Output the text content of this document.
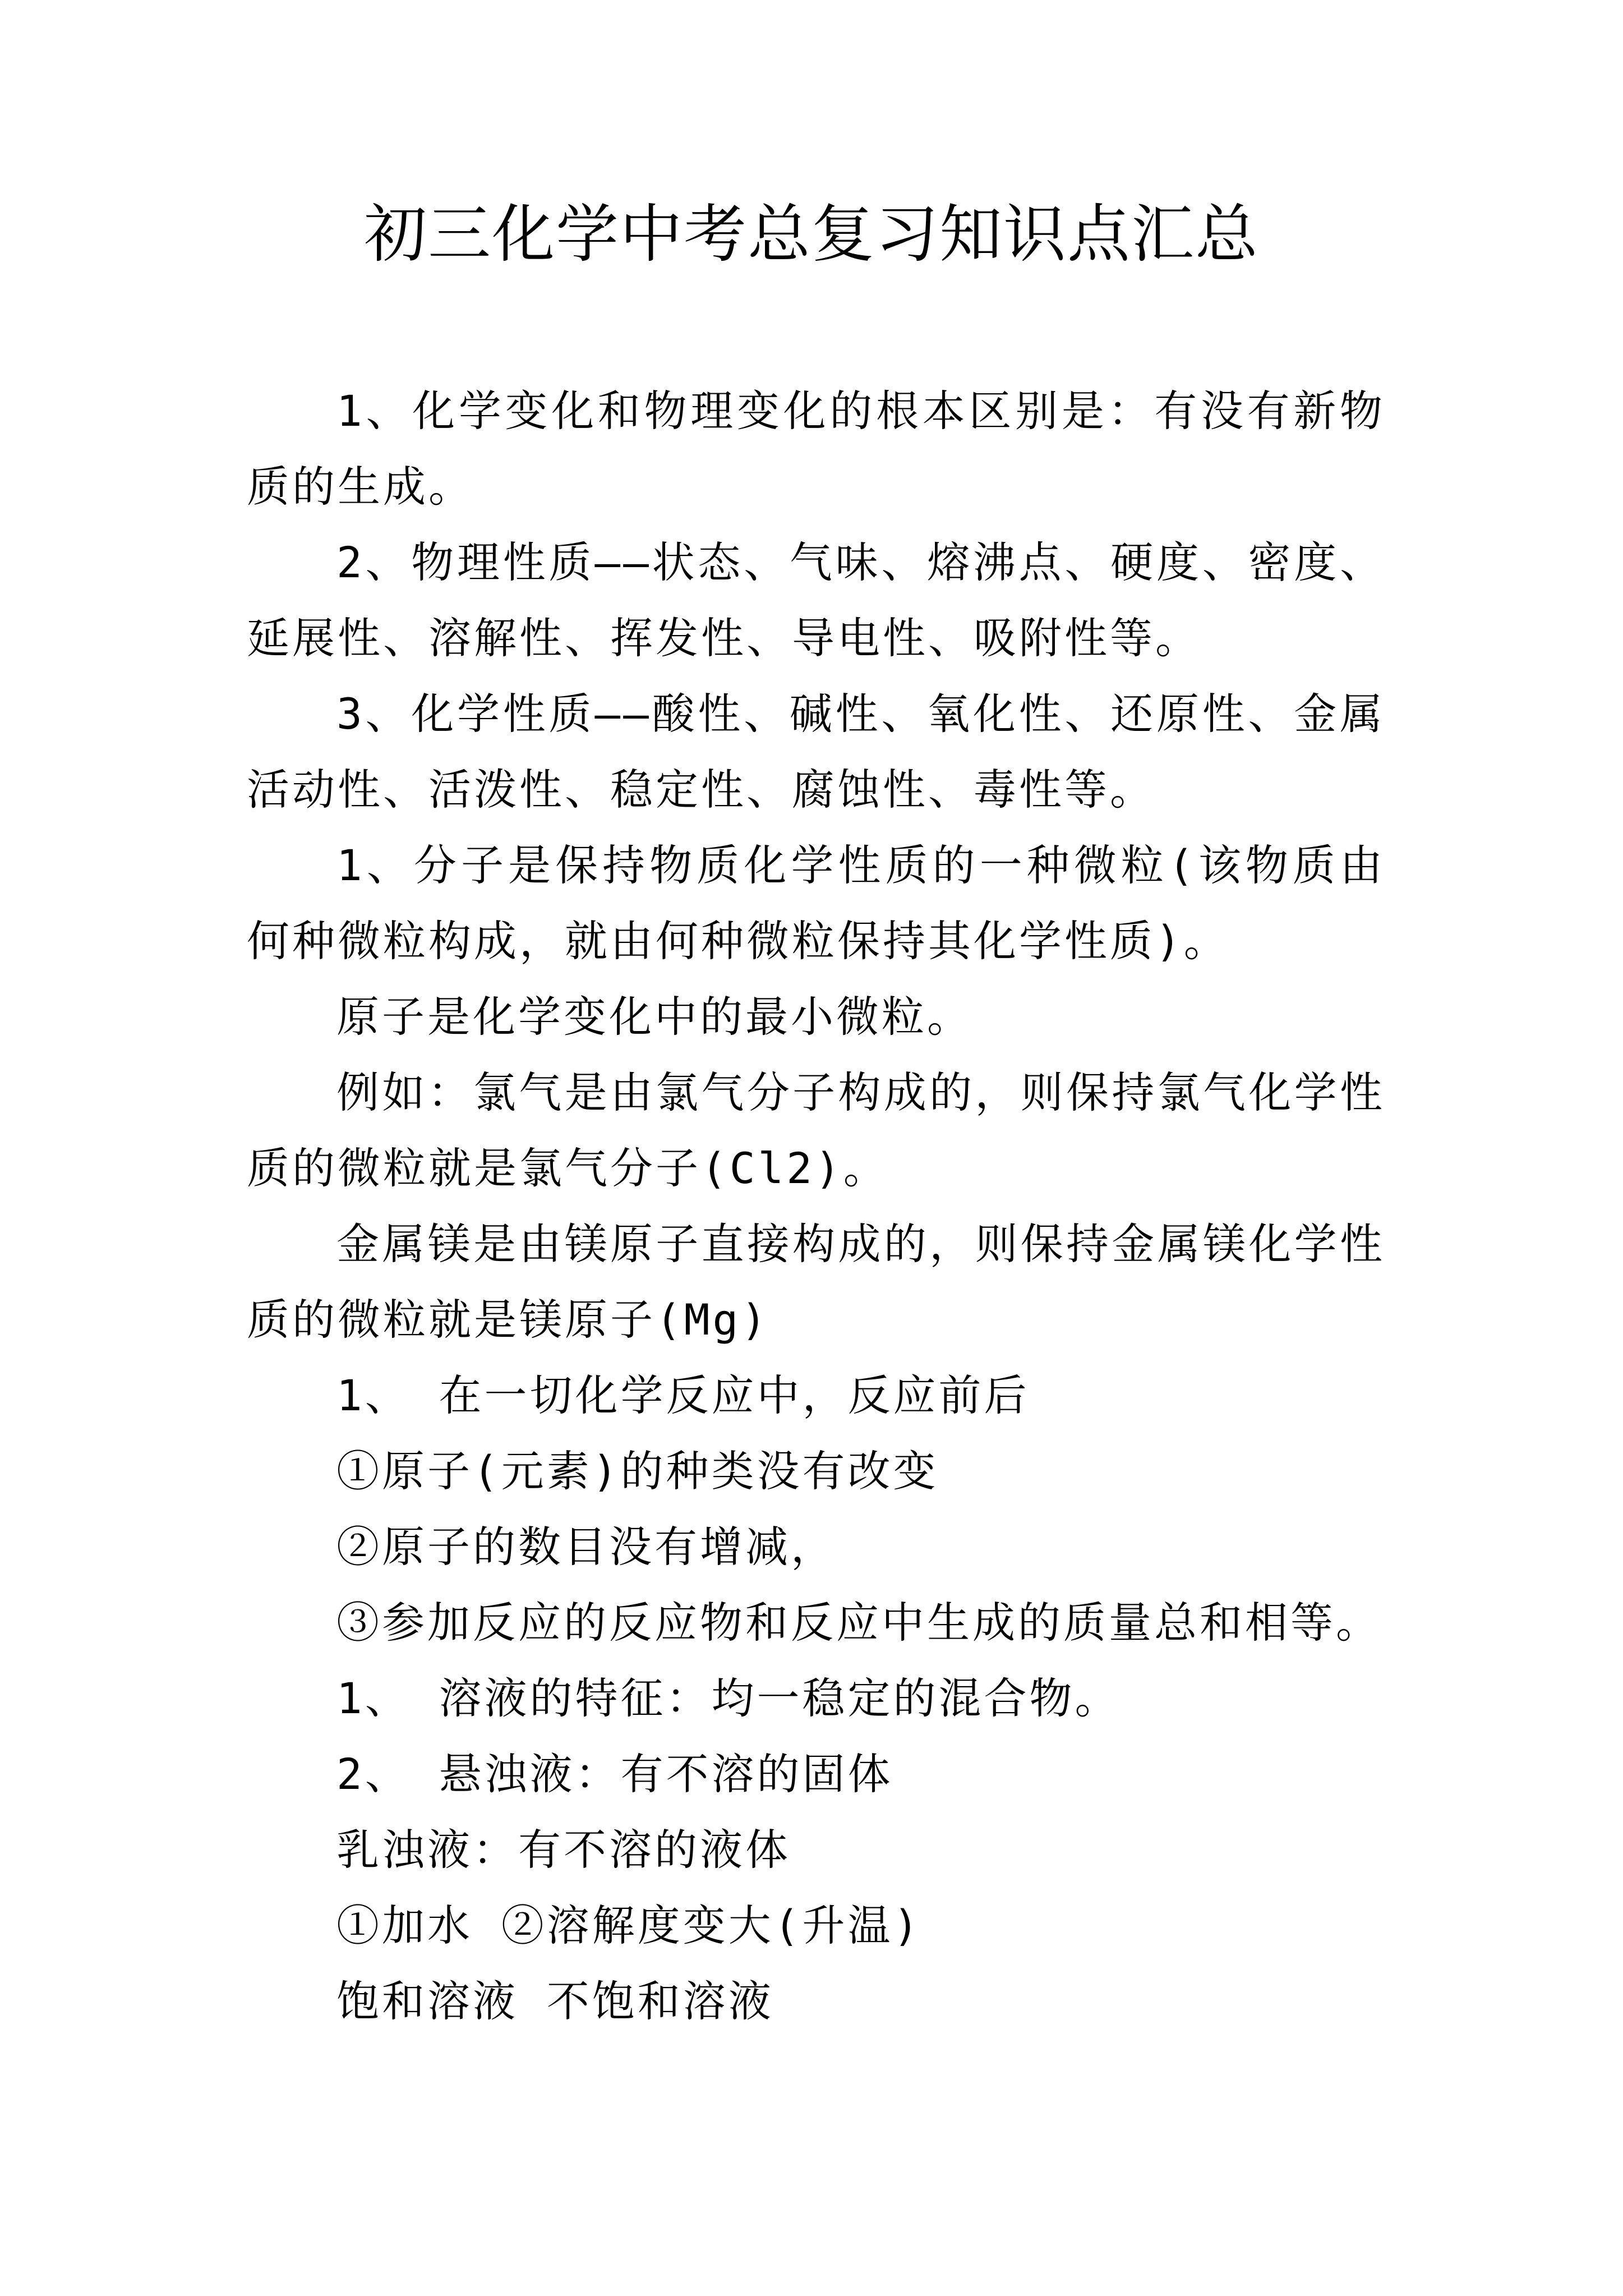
初三化学中考总复习知识点汇总

1、化学变化和物理变化的根本区别是：有没有新物质的生成。

2、物理性质——状态、气味、熔沸点、硬度、密度、延展性、溶解性、挥发性、导电性、吸附性等。

3、化学性质——酸性、碱性、氧化性、还原性、金属活动性、活泼性、稳定性、腐蚀性、毒性等。

1、分子是保持物质化学性质的一种微粒(该物质由何种微粒构成，就由何种微粒保持其化学性质)。

原子是化学变化中的最小微粒。

例如：氯气是由氯气分子构成的，则保持氯气化学性质的微粒就是氯气分子(Cl2)。

金属镁是由镁原子直接构成的，则保持金属镁化学性质的微粒就是镁原子(Mg)

1、 在一切化学反应中，反应前后

①原子(元素)的种类没有改变

②原子的数目没有增减，

③参加反应的反应物和反应中生成的质量总和相等。

1、 溶液的特征：均一稳定的混合物。

2、 悬浊液：有不溶的固体

乳浊液：有不溶的液体

①加水 ②溶解度变大(升温)

饱和溶液 不饱和溶液
